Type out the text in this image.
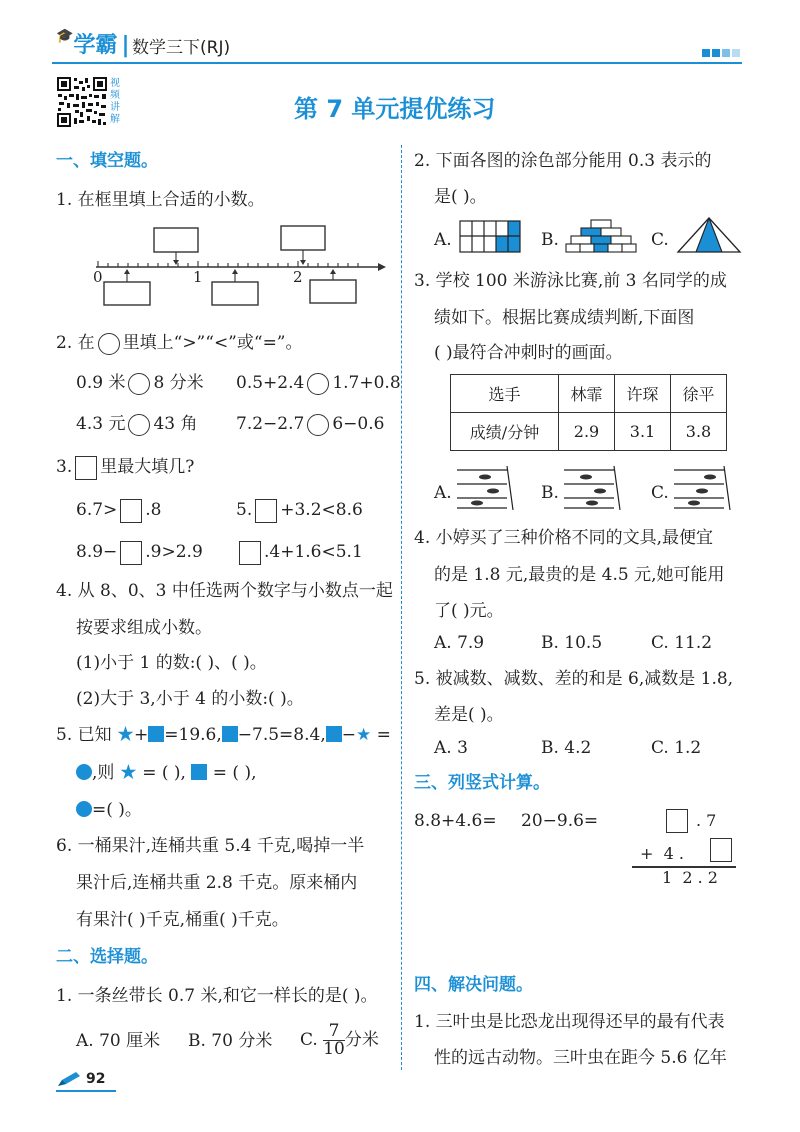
🎓学霸 | 数学三下(RJ)
视频讲解	第 7 单元提优练习
一、填空题。
1. 在框里填上合适的小数。
0	1	2
2. 在 里填上“>”“<”或“=”。
0.9 米 8 分米 0.5+2.4 1.7+0.8
4.3 元 43 角 7.2−2.7 6−0.6
3. 里最大填几?
6.7> .8	5. +3.2<8.6
8.9− .9>2.9	.4+1.6<5.1
4. 从 8、0、3 中任选两个数字与小数点一起
按要求组成小数。
(1)小于 1 的数:( )、( )。
(2)大于 3,小于 4 的小数:( )。
5. 已知 ★+ =19.6, −7.5=8.4, −★ =
,则 ★ = ( ), = ( ),
=( )。
6. 一桶果汁,连桶共重 5.4 千克,喝掉一半
果汁后,连桶共重 2.8 千克。原来桶内
有果汁( )千克,桶重( )千克。
二、选择题。
1. 一条丝带长 0.7 米,和它一样长的是( )。
A. 70 厘米 B. 70 分米 C. $\frac{7}{10}$ 分米
92
2. 下面各图的涂色部分能用 0.3 表示的
是( )。
A.	B.	C.
3. 学校 100 米游泳比赛,前 3 名同学的成
绩如下。根据比赛成绩判断,下面图
( )最符合冲刺时的画面。
选手	林霏	许琛	徐平
成绩/分钟	2.9	3.1	3.8
A.	B.	C.
4. 小婷买了三种价格不同的文具,最便宜
的是 1.8 元,最贵的是 4.5 元,她可能用
了( )元。
A. 7.9	B. 10.5	C. 11.2
5. 被减数、减数、差的和是 6,减数是 1.8,
差是( )。
A. 3	B. 4.2	C. 1.2
三、列竖式计算。
8.8+4.6= 20−9.6=	. 7
+  4 .
1  2 . 2
四、解决问题。
1. 三叶虫是比恐龙出现得还早的最有代表
性的远古动物。三叶虫在距今 5.6 亿年
